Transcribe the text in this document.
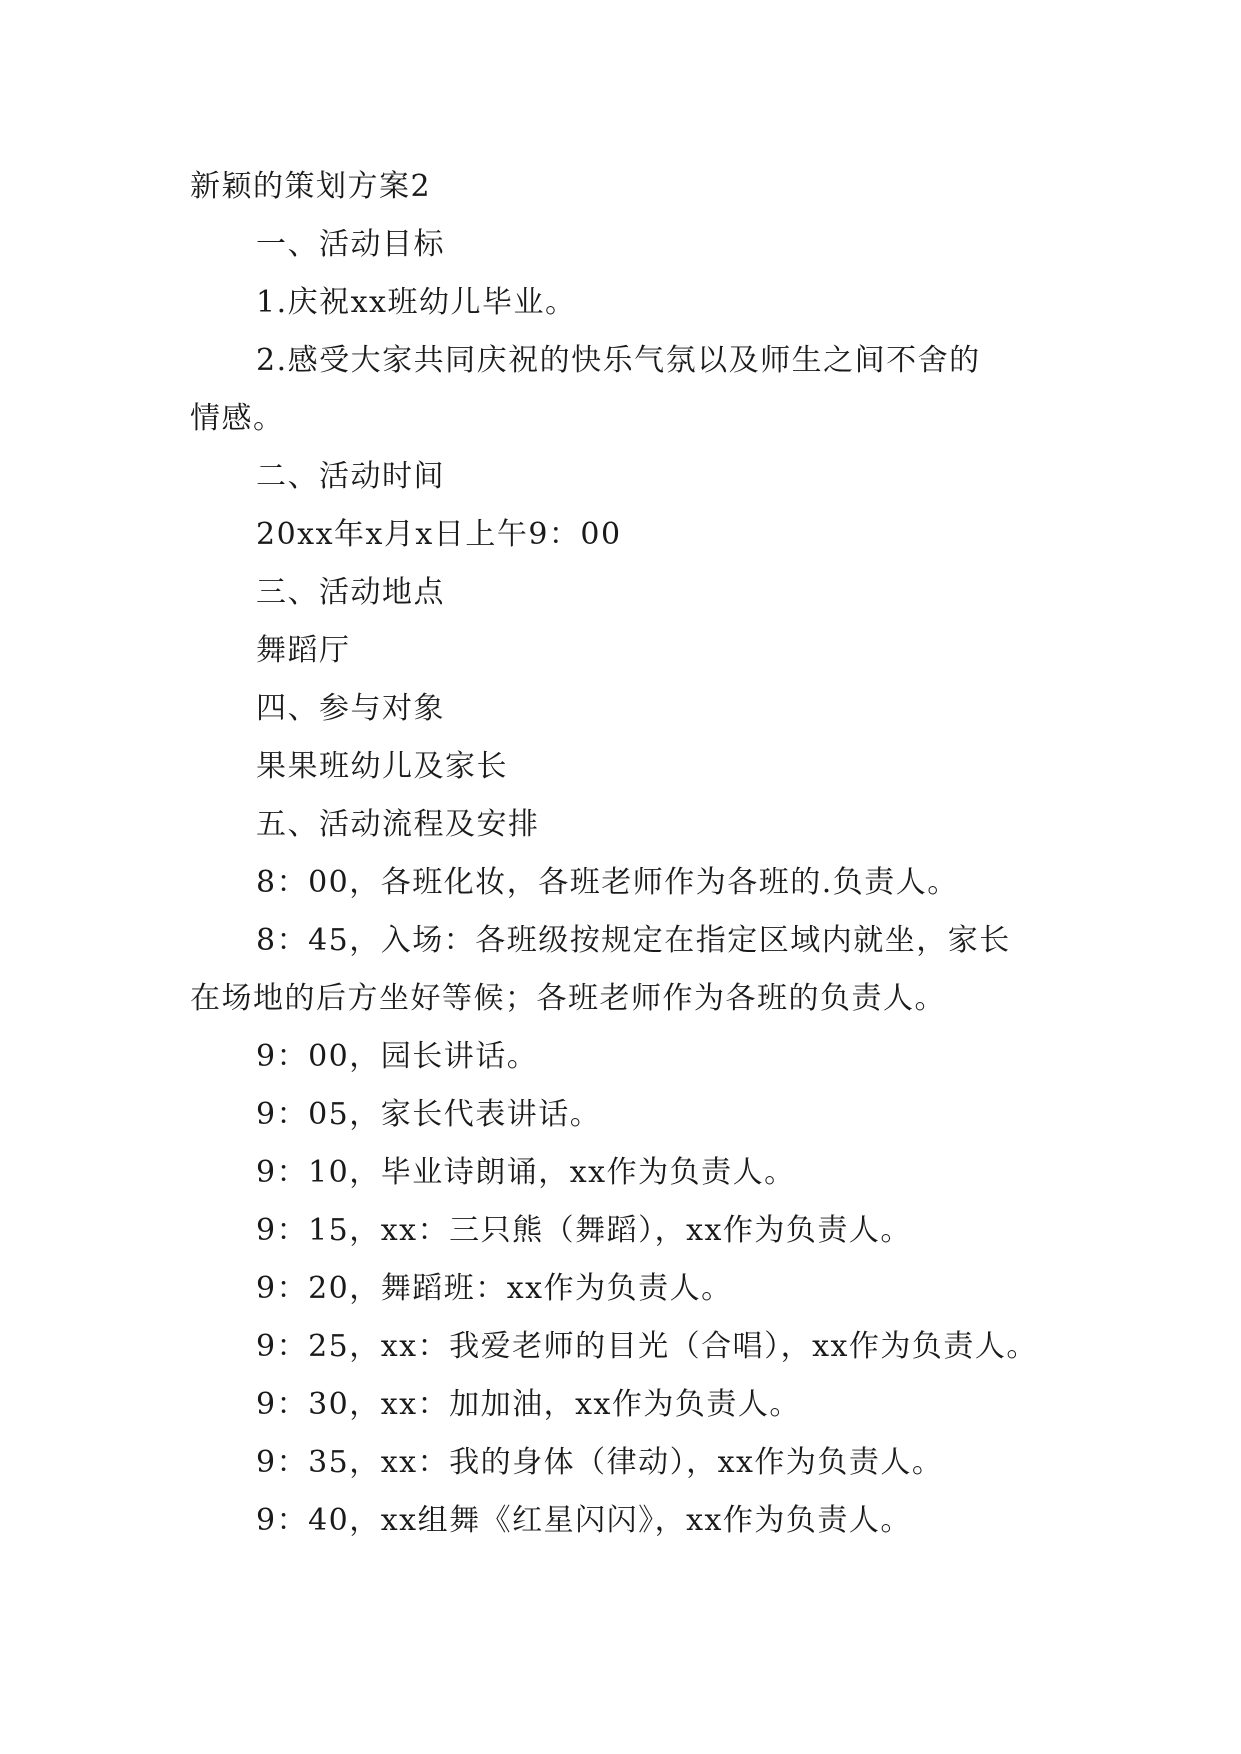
新颖的策划方案2
一、活动目标
1.庆祝xx班幼儿毕业。
2.感受大家共同庆祝的快乐气氛以及师生之间不舍的
情感。
二、活动时间
20xx年x月x日上午9：00
三、活动地点
舞蹈厅
四、参与对象
果果班幼儿及家长
五、活动流程及安排
8：00，各班化妆，各班老师作为各班的.负责人。
8：45，入场：各班级按规定在指定区域内就坐，家长
在场地的后方坐好等候；各班老师作为各班的负责人。
9：00，园长讲话。
9：05，家长代表讲话。
9：10，毕业诗朗诵，xx作为负责人。
9：15，xx：三只熊（舞蹈），xx作为负责人。
9：20，舞蹈班：xx作为负责人。
9：25，xx：我爱老师的目光（合唱），xx作为负责人。
9：30，xx：加加油，xx作为负责人。
9：35，xx：我的身体（律动），xx作为负责人。
9：40，xx组舞《红星闪闪》，xx作为负责人。
